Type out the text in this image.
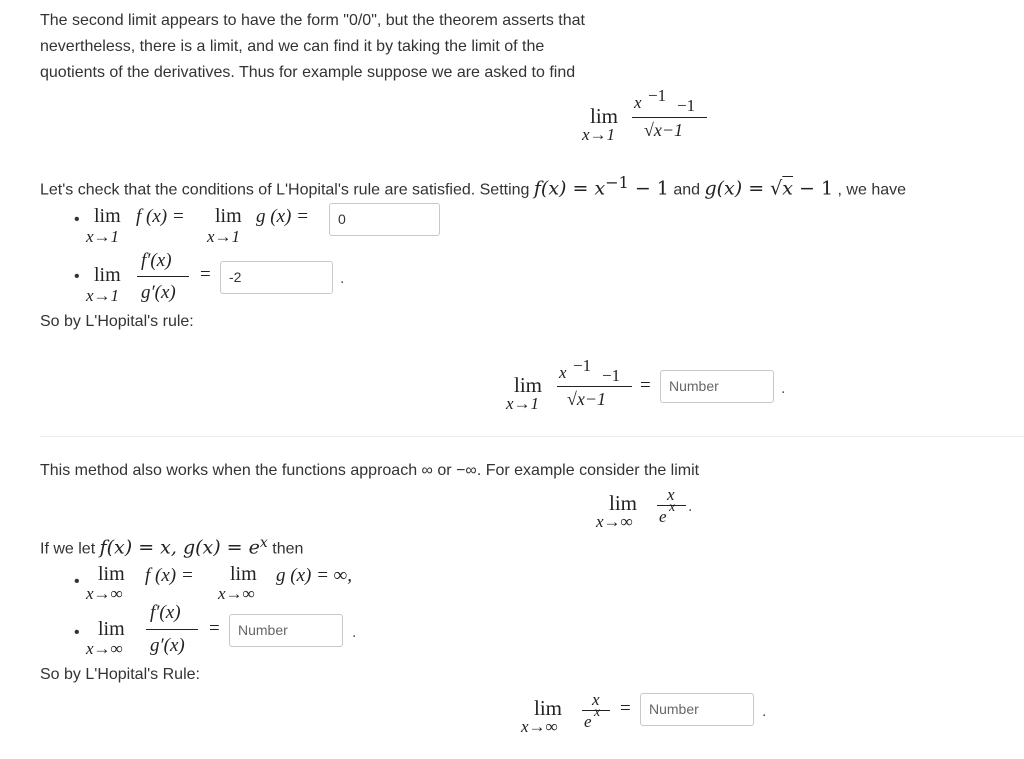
The second limit appears to have the form "0/0", but the theorem asserts that
nevertheless, there is a limit, and we can find it by taking the limit of the
quotients of the derivatives. Thus for example suppose we are asked to find
lim
x→1
x −1
−1
√x−1
Let's check that the conditions of L'Hopital's rule are satisfied. Setting $f(x) = x^{-1} - 1$ and g(x) = √x − 1 , we have
• lim
x→1
f (x) = lim
x→1
g (x) =	0
• lim
x→1
f′(x)
g′(x)
=	-2	.
So by L'Hopital's rule:
lim
x→1
x −1
−1
√x−1
=	Number	.
This method also works when the functions approach ∞ or −∞. For example consider the limit
lim
x→∞
x
e x .
If we let f(x) = x, $g(x) = e^x$ then
• lim
x→∞
f (x) = lim
x→∞
g (x) = ∞,
• lim
x→∞
f′(x)
g′(x)
=	Number	.
So by L'Hopital's Rule:
lim
x→∞
x
e x =	Number	.
